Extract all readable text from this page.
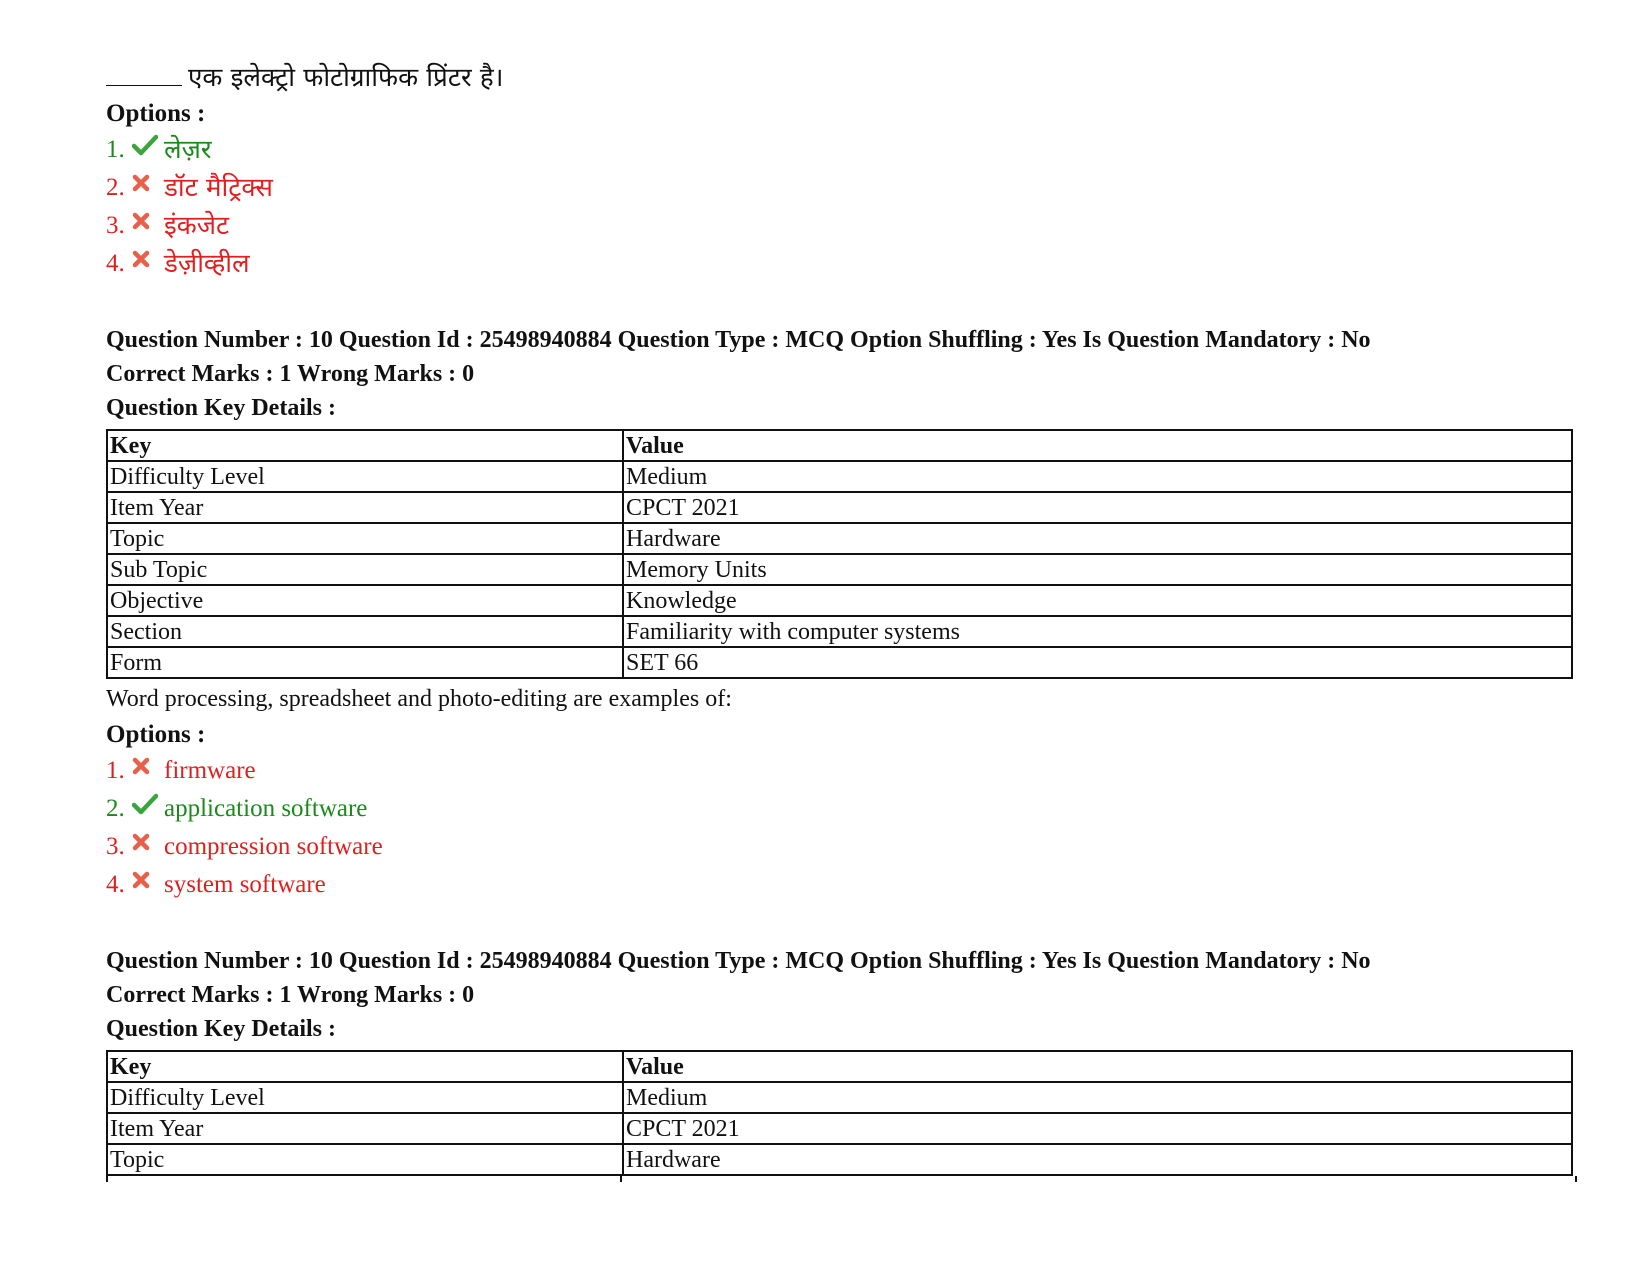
एक इलेक्ट्रो फोटोग्राफिक प्रिंटर है।
Options :
1. लेज़र
2. डॉट मैट्रिक्स
3. इंकजेट
4. डेज़ीव्हील
Question Number : 10 Question Id : 25498940884 Question Type : MCQ Option Shuffling : Yes Is Question Mandatory : No
Correct Marks : 1 Wrong Marks : 0
Question Key Details :
Key	Value
Difficulty Level	Medium
Item Year	CPCT 2021
Topic	Hardware
Sub Topic	Memory Units
Objective	Knowledge
Section	Familiarity with computer systems
Form	SET 66
Word processing, spreadsheet and photo-editing are examples of:
Options :
1. firmware
2. application software
3. compression software
4. system software
Question Number : 10 Question Id : 25498940884 Question Type : MCQ Option Shuffling : Yes Is Question Mandatory : No
Correct Marks : 1 Wrong Marks : 0
Question Key Details :
Key	Value
Difficulty Level	Medium
Item Year	CPCT 2021
Topic	Hardware
